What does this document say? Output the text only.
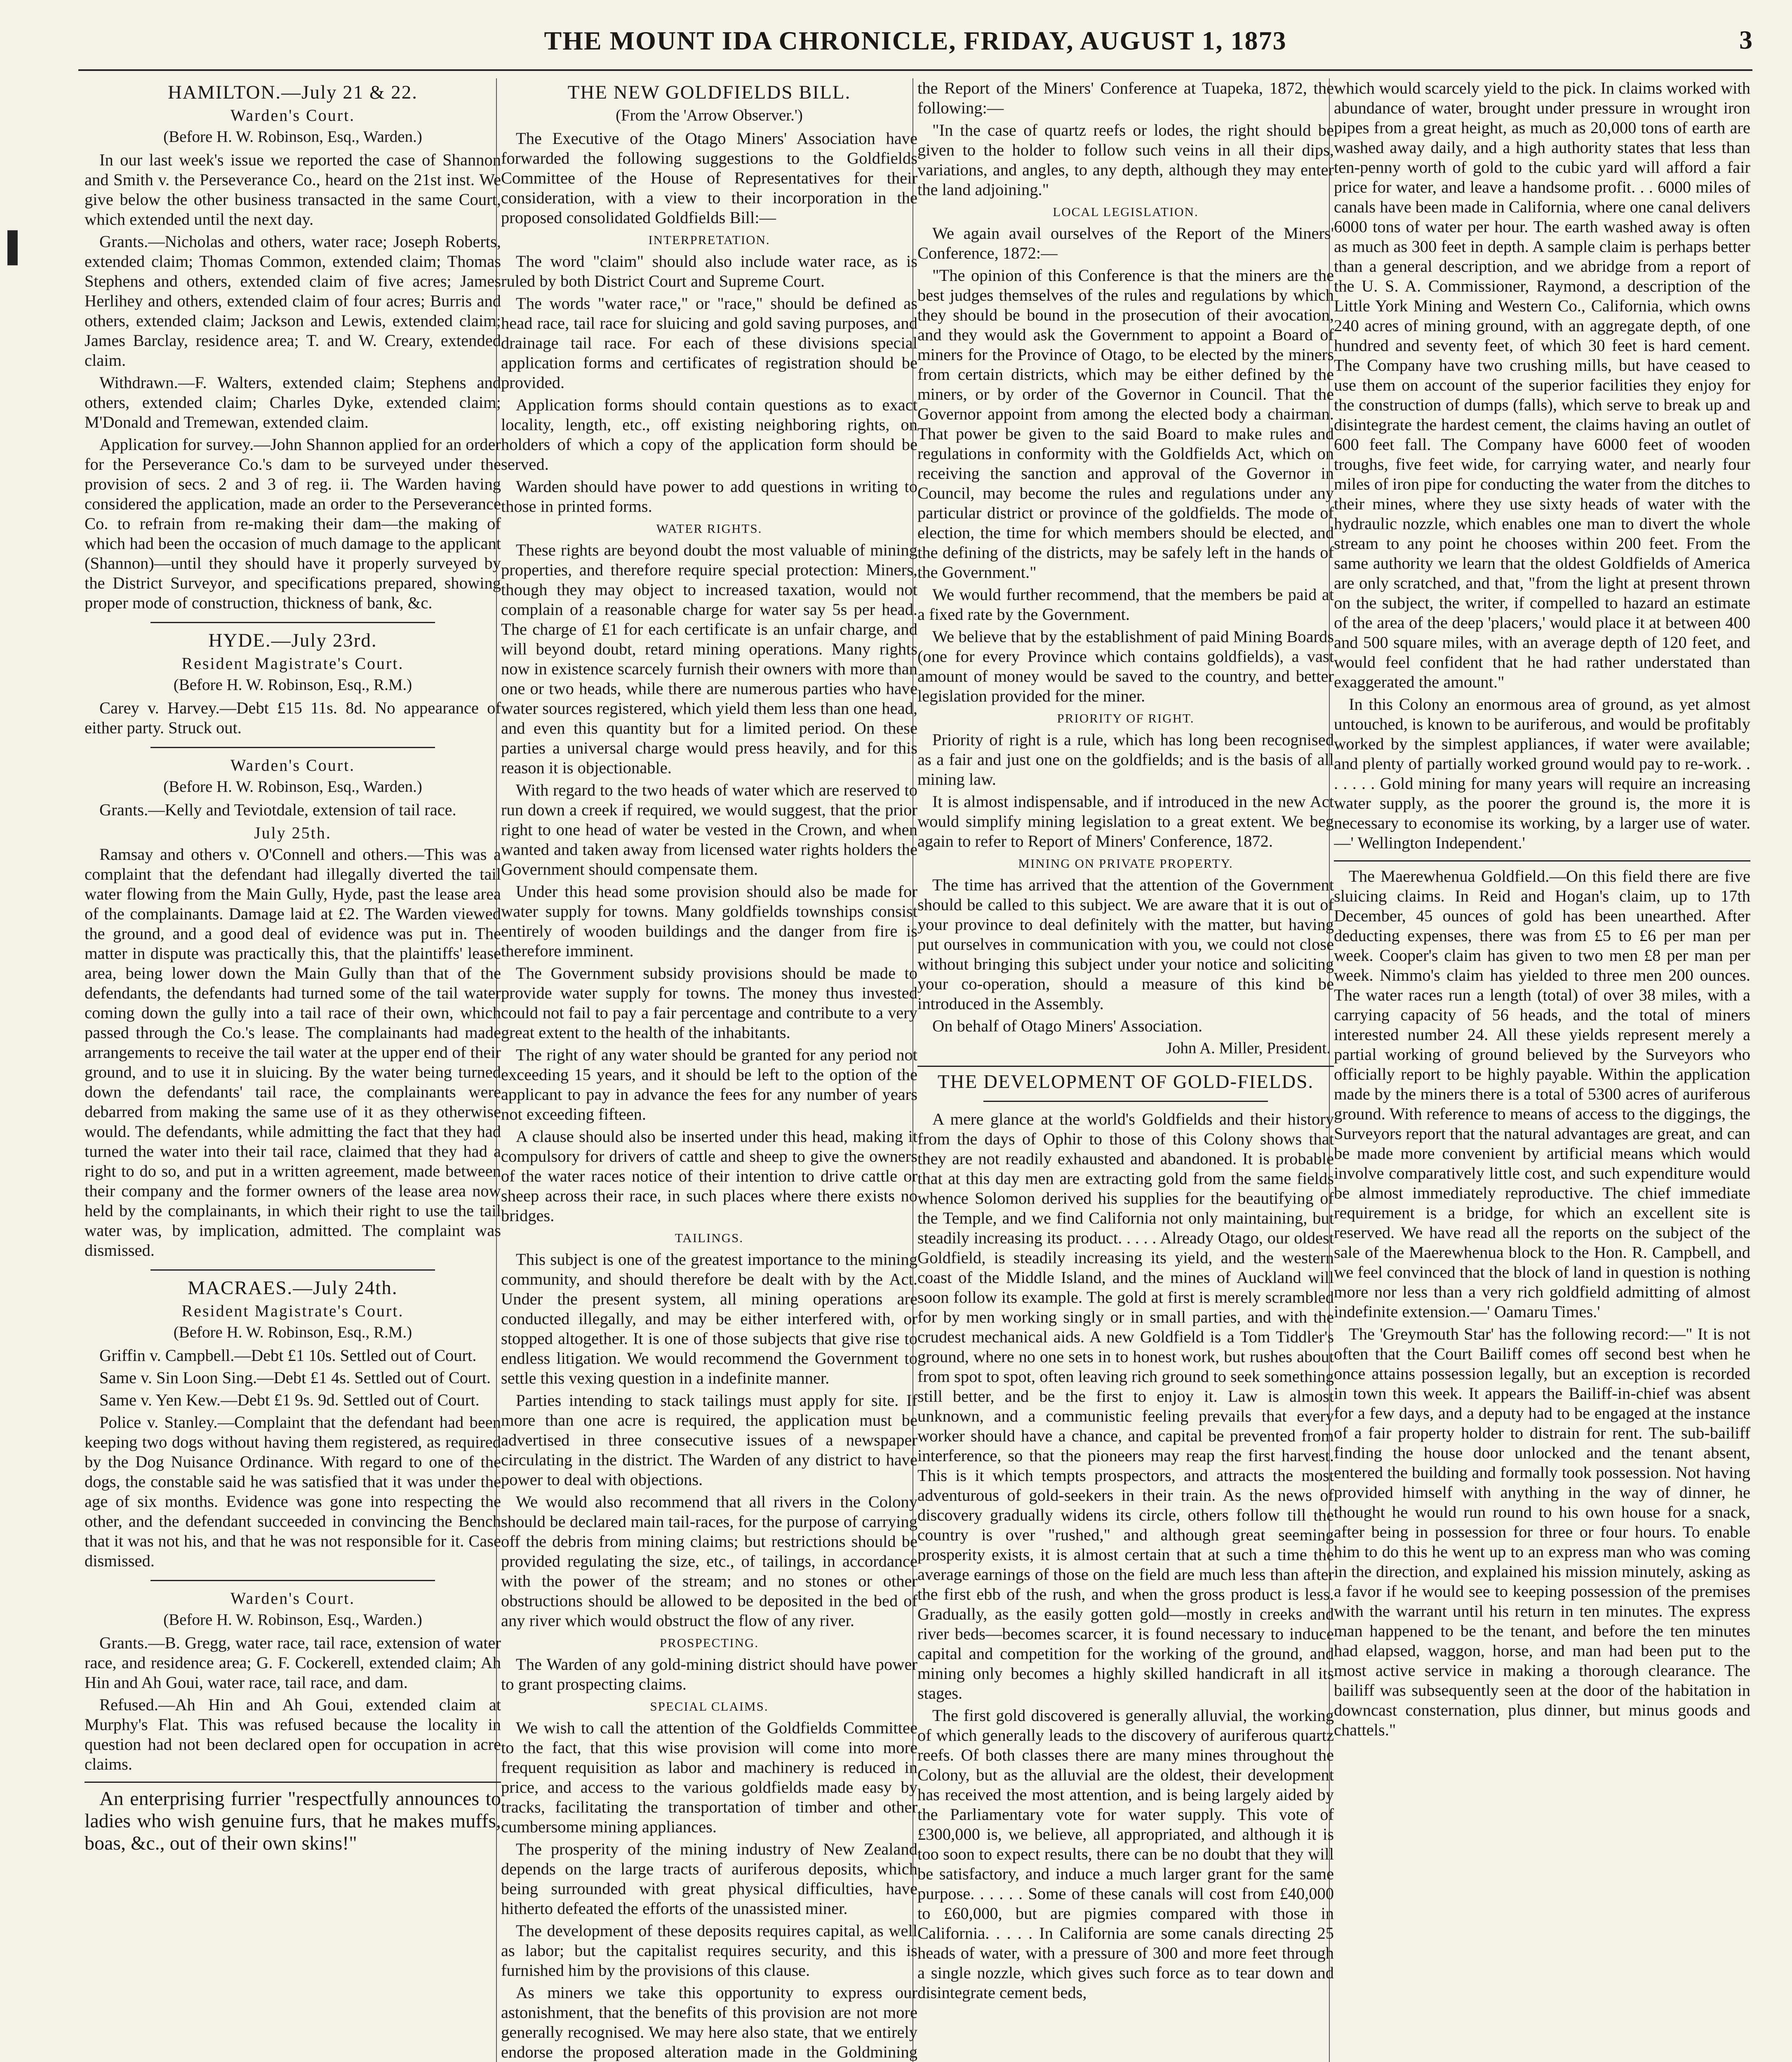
THE MOUNT IDA CHRONICLE, FRIDAY, AUGUST 1, 1873	3
▌
HAMILTON.—July 21 & 22.
Warden's Court.
(Before H. W. Robinson, Esq., Warden.)

In our last week's issue we reported the case of Shannon and Smith v. the Perseverance Co., heard on the 21st inst. We give below the other business transacted in the same Court, which extended until the next day.

Grants.—Nicholas and others, water race; Joseph Roberts, extended claim; Thomas Common, extended claim; Thomas Stephens and others, extended claim of five acres; James Herlihey and others, extended claim of four acres; Burris and others, extended claim; Jackson and Lewis, extended claim; James Barclay, residence area; T. and W. Creary, extended claim.

Withdrawn.—F. Walters, extended claim; Stephens and others, extended claim; Charles Dyke, extended claim; M'Donald and Tremewan, extended claim.

Application for survey.—John Shannon applied for an order for the Perseverance Co.'s dam to be surveyed under the provision of secs. 2 and 3 of reg. ii. The Warden having considered the application, made an order to the Perseverance Co. to refrain from re-making their dam—the making of which had been the occasion of much damage to the applicant (Shannon)—until they should have it properly surveyed by the District Surveyor, and specifications prepared, showing proper mode of construction, thickness of bank, &c.

HYDE.—July 23rd.
Resident Magistrate's Court.
(Before H. W. Robinson, Esq., R.M.)

Carey v. Harvey.—Debt £15 11s. 8d. No appearance of either party. Struck out.

Warden's Court.
(Before H. W. Robinson, Esq., Warden.)

Grants.—Kelly and Teviotdale, extension of tail race.

July 25th.

Ramsay and others v. O'Connell and others.—This was a complaint that the defendant had illegally diverted the tail water flowing from the Main Gully, Hyde, past the lease area of the complainants. Damage laid at £2. The Warden viewed the ground, and a good deal of evidence was put in. The matter in dispute was practically this, that the plaintiffs' lease area, being lower down the Main Gully than that of the defendants, the defendants had turned some of the tail water coming down the gully into a tail race of their own, which passed through the Co.'s lease. The complainants had made arrangements to receive the tail water at the upper end of their ground, and to use it in sluicing. By the water being turned down the defendants' tail race, the complainants were debarred from making the same use of it as they otherwise would. The defendants, while admitting the fact that they had turned the water into their tail race, claimed that they had a right to do so, and put in a written agreement, made between their company and the former owners of the lease area now held by the complainants, in which their right to use the tail water was, by implication, admitted. The complaint was dismissed.

MACRAES.—July 24th.
Resident Magistrate's Court.
(Before H. W. Robinson, Esq., R.M.)

Griffin v. Campbell.—Debt £1 10s. Settled out of Court.

Same v. Sin Loon Sing.—Debt £1 4s. Settled out of Court.

Same v. Yen Kew.—Debt £1 9s. 9d. Settled out of Court.

Police v. Stanley.—Complaint that the defendant had been keeping two dogs without having them registered, as required by the Dog Nuisance Ordinance. With regard to one of the dogs, the constable said he was satisfied that it was under the age of six months. Evidence was gone into respecting the other, and the defendant succeeded in convincing the Bench that it was not his, and that he was not responsible for it. Case dismissed.

Warden's Court.
(Before H. W. Robinson, Esq., Warden.)

Grants.—B. Gregg, water race, tail race, extension of water race, and residence area; G. F. Cockerell, extended claim; Ah Hin and Ah Goui, water race, tail race, and dam.

Refused.—Ah Hin and Ah Goui, extended claim at Murphy's Flat. This was refused because the locality in question had not been declared open for occupation in acre claims.

An enterprising furrier "respectfully announces to ladies who wish genuine furs, that he makes muffs, boas, &c., out of their own skins!"

THE NEW GOLDFIELDS BILL.
(From the 'Arrow Observer.')

The Executive of the Otago Miners' Association have forwarded the following suggestions to the Goldfields Committee of the House of Representatives for their consideration, with a view to their incorporation in the proposed consolidated Goldfields Bill:—

INTERPRETATION.

The word "claim" should also include water race, as is ruled by both District Court and Supreme Court.

The words "water race," or "race," should be defined as head race, tail race for sluicing and gold saving purposes, and drainage tail race. For each of these divisions special application forms and certificates of registration should be provided.

Application forms should contain questions as to exact locality, length, etc., off existing neighboring rights, on holders of which a copy of the application form should be served.

Warden should have power to add questions in writing to those in printed forms.

WATER RIGHTS.

These rights are beyond doubt the most valuable of mining properties, and therefore require special protection: Miners, though they may object to increased taxation, would not complain of a reasonable charge for water say 5s per head. The charge of £1 for each certificate is an unfair charge, and will beyond doubt, retard mining operations. Many rights now in existence scarcely furnish their owners with more than one or two heads, while there are numerous parties who have water sources registered, which yield them less than one head, and even this quantity but for a limited period. On these parties a universal charge would press heavily, and for this reason it is objectionable.

With regard to the two heads of water which are reserved to run down a creek if required, we would suggest, that the prior right to one head of water be vested in the Crown, and when wanted and taken away from licensed water rights holders the Government should compensate them.

Under this head some provision should also be made for water supply for towns. Many goldfields townships consist entirely of wooden buildings and the danger from fire is therefore imminent.

The Government subsidy provisions should be made to provide water supply for towns. The money thus invested could not fail to pay a fair percentage and contribute to a very great extent to the health of the inhabitants.

The right of any water should be granted for any period not exceeding 15 years, and it should be left to the option of the applicant to pay in advance the fees for any number of years not exceeding fifteen.

A clause should also be inserted under this head, making it compulsory for drivers of cattle and sheep to give the owners of the water races notice of their intention to drive cattle or sheep across their race, in such places where there exists no bridges.

TAILINGS.

This subject is one of the greatest importance to the mining community, and should therefore be dealt with by the Act. Under the present system, all mining operations are conducted illegally, and may be either interfered with, or stopped altogether. It is one of those subjects that give rise to endless litigation. We would recommend the Government to settle this vexing question in a indefinite manner.

Parties intending to stack tailings must apply for site. If more than one acre is required, the application must be advertised in three consecutive issues of a newspaper circulating in the district. The Warden of any district to have power to deal with objections.

We would also recommend that all rivers in the Colony should be declared main tail-races, for the purpose of carrying off the debris from mining claims; but restrictions should be provided regulating the size, etc., of tailings, in accordance with the power of the stream; and no stones or other obstructions should be allowed to be deposited in the bed of any river which would obstruct the flow of any river.

PROSPECTING.

The Warden of any gold-mining district should have power to grant prospecting claims.

SPECIAL CLAIMS.

We wish to call the attention of the Goldfields Committee to the fact, that this wise provision will come into more frequent requisition as labor and machinery is reduced in price, and access to the various goldfields made easy by tracks, facilitating the transportation of timber and other cumbersome mining appliances.

The prosperity of the mining industry of New Zealand depends on the large tracts of auriferous deposits, which being surrounded with great physical difficulties, have hitherto defeated the efforts of the unassisted miner.

The development of these deposits requires capital, as well as labor; but the capitalist requires security, and this is furnished him by the provisions of this clause.

As miners we take this opportunity to express our astonishment, that the benefits of this provision are not more generally recognised. We may here also state, that we entirely endorse the proposed alteration made in the Goldmining

the Report of the Miners' Conference at Tuapeka, 1872, the following:—

"In the case of quartz reefs or lodes, the right should be given to the holder to follow such veins in all their dips, variations, and angles, to any depth, although they may enter the land adjoining."

LOCAL LEGISLATION.

We again avail ourselves of the Report of the Miners' Conference, 1872:—

"The opinion of this Conference is that the miners are the best judges themselves of the rules and regulations by which they should be bound in the prosecution of their avocation, and they would ask the Government to appoint a Board of miners for the Province of Otago, to be elected by the miners from certain districts, which may be either defined by the miners, or by order of the Governor in Council. That the Governor appoint from among the elected body a chairman. That power be given to the said Board to make rules and regulations in conformity with the Goldfields Act, which on receiving the sanction and approval of the Governor in Council, may become the rules and regulations under any particular district or province of the goldfields. The mode of election, the time for which members should be elected, and the defining of the districts, may be safely left in the hands of the Government."

We would further recommend, that the members be paid at a fixed rate by the Government.

We believe that by the establishment of paid Mining Boards (one for every Province which contains goldfields), a vast amount of money would be saved to the country, and better legislation provided for the miner.

PRIORITY OF RIGHT.

Priority of right is a rule, which has long been recognised as a fair and just one on the goldfields; and is the basis of all mining law.

It is almost indispensable, and if introduced in the new Act would simplify mining legislation to a great extent. We beg again to refer to Report of Miners' Conference, 1872.

MINING ON PRIVATE PROPERTY.

The time has arrived that the attention of the Government should be called to this subject. We are aware that it is out of your province to deal definitely with the matter, but having put ourselves in communication with you, we could not close without bringing this subject under your notice and soliciting your co-operation, should a measure of this kind be introduced in the Assembly.

On behalf of Otago Miners' Association.

John A. Miller, President.
THE DEVELOPMENT OF GOLD-FIELDS.

A mere glance at the world's Goldfields and their history from the days of Ophir to those of this Colony shows that they are not readily exhausted and abandoned. It is probable that at this day men are extracting gold from the same fields whence Solomon derived his supplies for the beautifying of the Temple, and we find California not only maintaining, but steadily increasing its product. . . . . Already Otago, our oldest Goldfield, is steadily increasing its yield, and the western coast of the Middle Island, and the mines of Auckland will soon follow its example. The gold at first is merely scrambled for by men working singly or in small parties, and with the crudest mechanical aids. A new Goldfield is a Tom Tiddler's ground, where no one sets in to honest work, but rushes about from spot to spot, often leaving rich ground to seek something still better, and be the first to enjoy it. Law is almost unknown, and a communistic feeling prevails that every worker should have a chance, and capital be prevented from interference, so that the pioneers may reap the first harvest. This is it which tempts prospectors, and attracts the most adventurous of gold-seekers in their train. As the news of discovery gradually widens its circle, others follow till the country is over "rushed," and although great seeming prosperity exists, it is almost certain that at such a time the average earnings of those on the field are much less than after the first ebb of the rush, and when the gross product is less. Gradually, as the easily gotten gold—mostly in creeks and river beds—becomes scarcer, it is found necessary to induce capital and competition for the working of the ground, and mining only becomes a highly skilled handicraft in all its stages.

The first gold discovered is generally alluvial, the working of which generally leads to the discovery of auriferous quartz reefs. Of both classes there are many mines throughout the Colony, but as the alluvial are the oldest, their development has received the most attention, and is being largely aided by the Parliamentary vote for water supply. This vote of £300,000 is, we believe, all appropriated, and although it is too soon to expect results, there can be no doubt that they will be satisfactory, and induce a much larger grant for the same purpose. . . . . . Some of these canals will cost from £40,000 to £60,000, but are pigmies compared with those in California. . . . . In California are some canals directing 25 heads of water, with a pressure of 300 and more feet through a single nozzle, which gives such force as to tear down and disintegrate cement beds,

which would scarcely yield to the pick. In claims worked with abundance of water, brought under pressure in wrought iron pipes from a great height, as much as 20,000 tons of earth are washed away daily, and a high authority states that less than ten-penny worth of gold to the cubic yard will afford a fair price for water, and leave a handsome profit. . . 6000 miles of canals have been made in California, where one canal delivers 6000 tons of water per hour. The earth washed away is often as much as 300 feet in depth. A sample claim is perhaps better than a general description, and we abridge from a report of the U. S. A. Commissioner, Raymond, a description of the Little York Mining and Western Co., California, which owns 240 acres of mining ground, with an aggregate depth, of one hundred and seventy feet, of which 30 feet is hard cement. The Company have two crushing mills, but have ceased to use them on account of the superior facilities they enjoy for the construction of dumps (falls), which serve to break up and disintegrate the hardest cement, the claims having an outlet of 600 feet fall. The Company have 6000 feet of wooden troughs, five feet wide, for carrying water, and nearly four miles of iron pipe for conducting the water from the ditches to their mines, where they use sixty heads of water with the hydraulic nozzle, which enables one man to divert the whole stream to any point he chooses within 200 feet. From the same authority we learn that the oldest Goldfields of America are only scratched, and that, "from the light at present thrown on the subject, the writer, if compelled to hazard an estimate of the area of the deep 'placers,' would place it at between 400 and 500 square miles, with an average depth of 120 feet, and would feel confident that he had rather understated than exaggerated the amount."

In this Colony an enormous area of ground, as yet almost untouched, is known to be auriferous, and would be profitably worked by the simplest appliances, if water were available; and plenty of partially worked ground would pay to re-work. . . . . . . Gold mining for many years will require an increasing water supply, as the poorer the ground is, the more it is necessary to economise its working, by a larger use of water.—' Wellington Independent.'

The Maerewhenua Goldfield.—On this field there are five sluicing claims. In Reid and Hogan's claim, up to 17th December, 45 ounces of gold has been unearthed. After deducting expenses, there was from £5 to £6 per man per week. Cooper's claim has given to two men £8 per man per week. Nimmo's claim has yielded to three men 200 ounces. The water races run a length (total) of over 38 miles, with a carrying capacity of 56 heads, and the total of miners interested number 24. All these yields represent merely a partial working of ground believed by the Surveyors who officially report to be highly payable. Within the application made by the miners there is a total of 5300 acres of auriferous ground. With reference to means of access to the diggings, the Surveyors report that the natural advantages are great, and can be made more convenient by artificial means which would involve comparatively little cost, and such expenditure would be almost immediately reproductive. The chief immediate requirement is a bridge, for which an excellent site is reserved. We have read all the reports on the subject of the sale of the Maerewhenua block to the Hon. R. Campbell, and we feel convinced that the block of land in question is nothing more nor less than a very rich goldfield admitting of almost indefinite extension.—' Oamaru Times.'

The 'Greymouth Star' has the following record:—" It is not often that the Court Bailiff comes off second best when he once attains possession legally, but an exception is recorded in town this week. It appears the Bailiff-in-chief was absent for a few days, and a deputy had to be engaged at the instance of a fair property holder to distrain for rent. The sub-bailiff finding the house door unlocked and the tenant absent, entered the building and formally took possession. Not having provided himself with anything in the way of dinner, he thought he would run round to his own house for a snack, after being in possession for three or four hours. To enable him to do this he went up to an express man who was coming in the direction, and explained his mission minutely, asking as a favor if he would see to keeping possession of the premises with the warrant until his return in ten minutes. The express man happened to be the tenant, and before the ten minutes had elapsed, waggon, horse, and man had been put to the most active service in making a thorough clearance. The bailiff was subsequently seen at the door of the habitation in downcast consternation, plus dinner, but minus goods and chattels."
